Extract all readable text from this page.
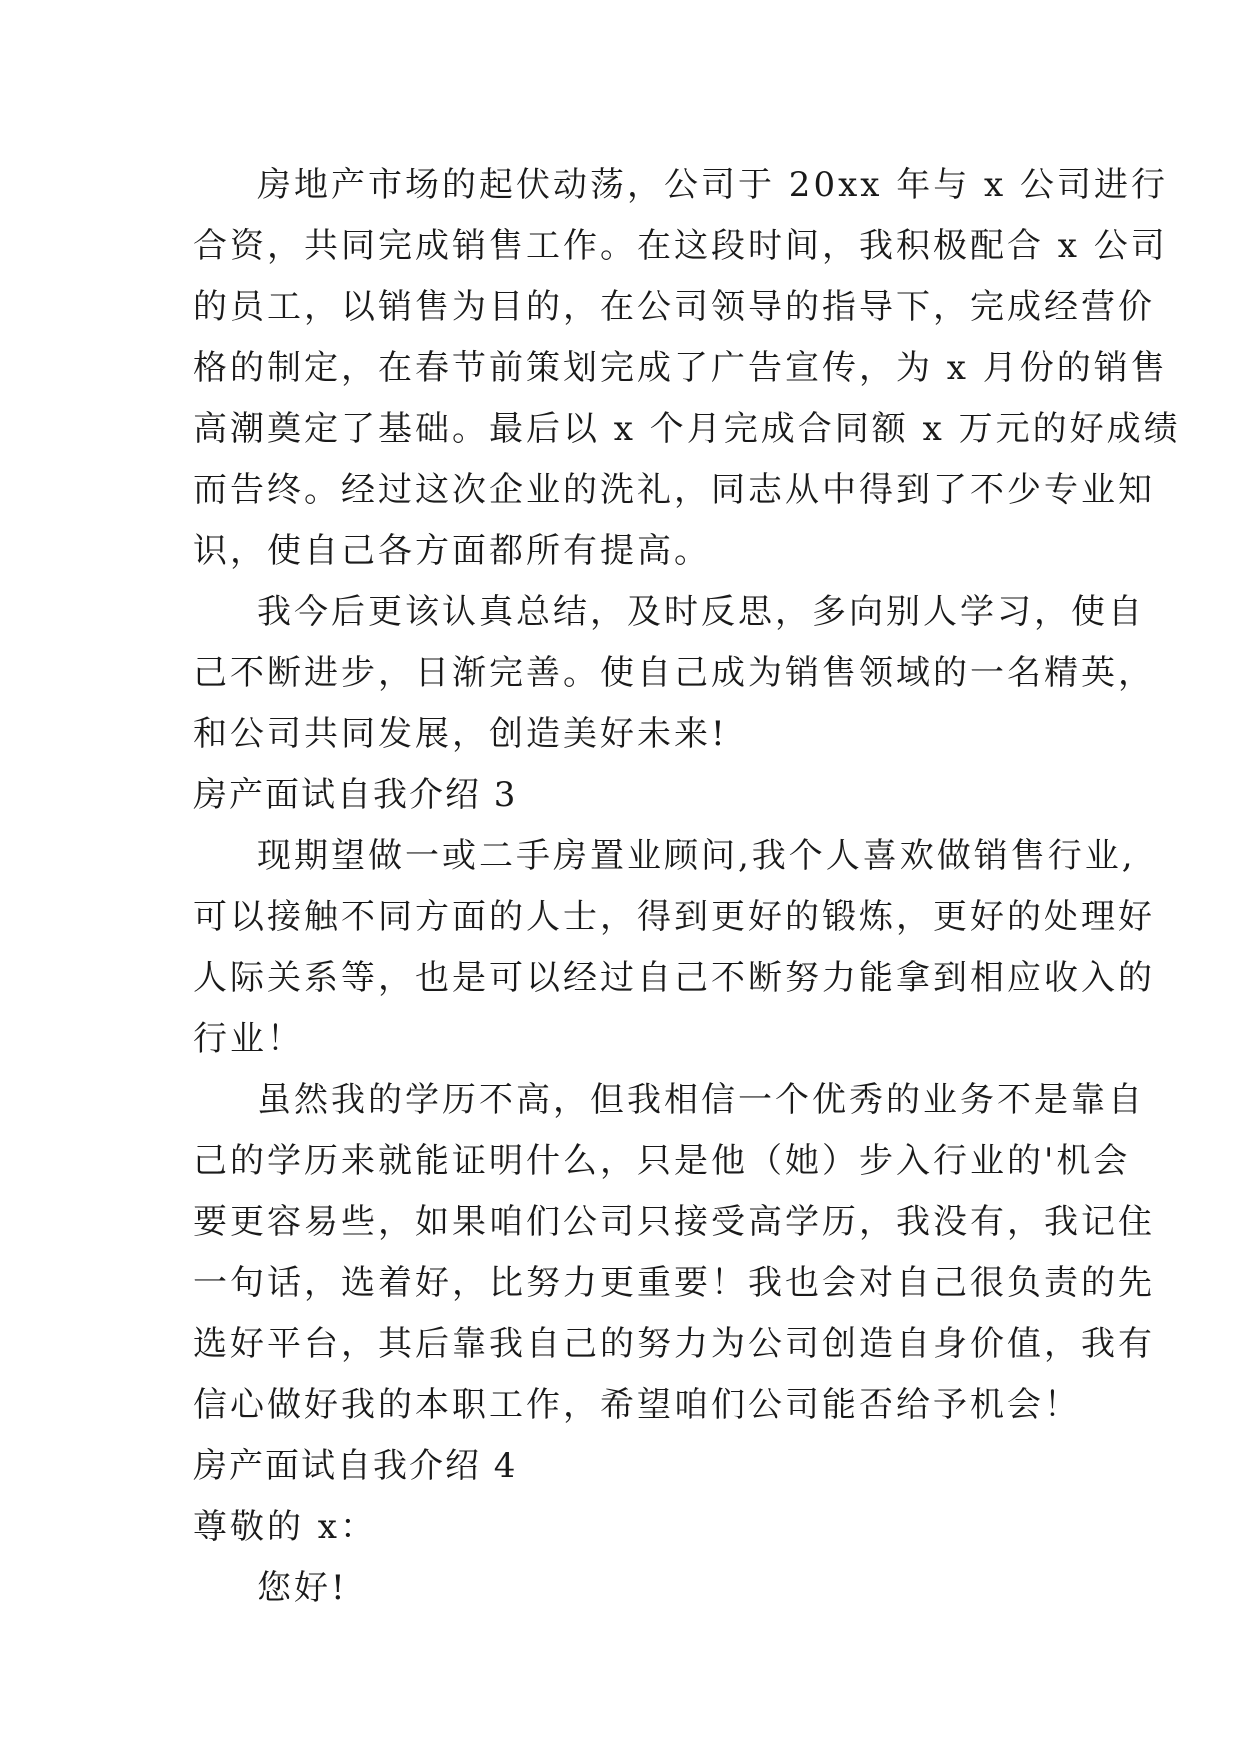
房地产市场的起伏动荡，公司于 20xx 年与 x 公司进行
合资，共同完成销售工作。在这段时间，我积极配合 x 公司
的员工，以销售为目的，在公司领导的指导下，完成经营价
格的制定，在春节前策划完成了广告宣传，为 x 月份的销售
高潮奠定了基础。最后以 x 个月完成合同额 x 万元的好成绩
而告终。经过这次企业的洗礼，同志从中得到了不少专业知
识，使自己各方面都所有提高。
我今后更该认真总结，及时反思，多向别人学习，使自
己不断进步，日渐完善。使自己成为销售领域的一名精英，
和公司共同发展，创造美好未来!
房产面试自我介绍 3
现期望做一或二手房置业顾问,我个人喜欢做销售行业,
可以接触不同方面的人士，得到更好的锻炼，更好的处理好
人际关系等，也是可以经过自己不断努力能拿到相应收入的
行业！
虽然我的学历不高，但我相信一个优秀的业务不是靠自
己的学历来就能证明什么，只是他（她）步入行业的'机会
要更容易些，如果咱们公司只接受高学历，我没有，我记住
一句话，选着好，比努力更重要！我也会对自己很负责的先
选好平台，其后靠我自己的努力为公司创造自身价值，我有
信心做好我的本职工作，希望咱们公司能否给予机会！
房产面试自我介绍 4
尊敬的 x：
您好!
